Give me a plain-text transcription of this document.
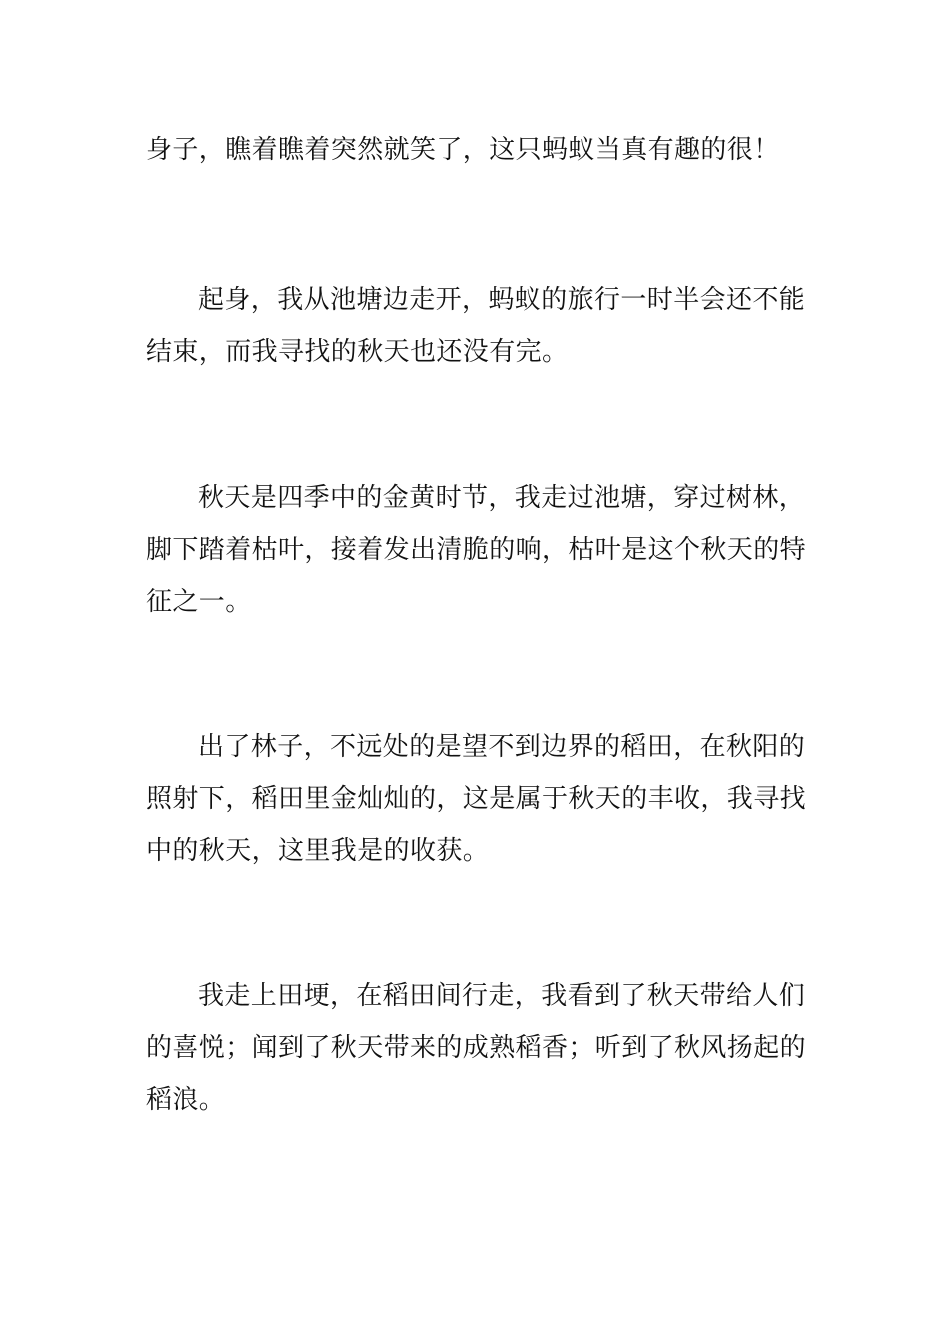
身子，瞧着瞧着突然就笑了，这只蚂蚁当真有趣的很！

起身，我从池塘边走开，蚂蚁的旅行一时半会还不能
结束，而我寻找的秋天也还没有完。

秋天是四季中的金黄时节，我走过池塘，穿过树林，
脚下踏着枯叶，接着发出清脆的响，枯叶是这个秋天的特
征之一。

出了林子，不远处的是望不到边界的稻田，在秋阳的
照射下，稻田里金灿灿的，这是属于秋天的丰收，我寻找
中的秋天，这里我是的收获。

我走上田埂，在稻田间行走，我看到了秋天带给人们
的喜悦；闻到了秋天带来的成熟稻香；听到了秋风扬起的
稻浪。
